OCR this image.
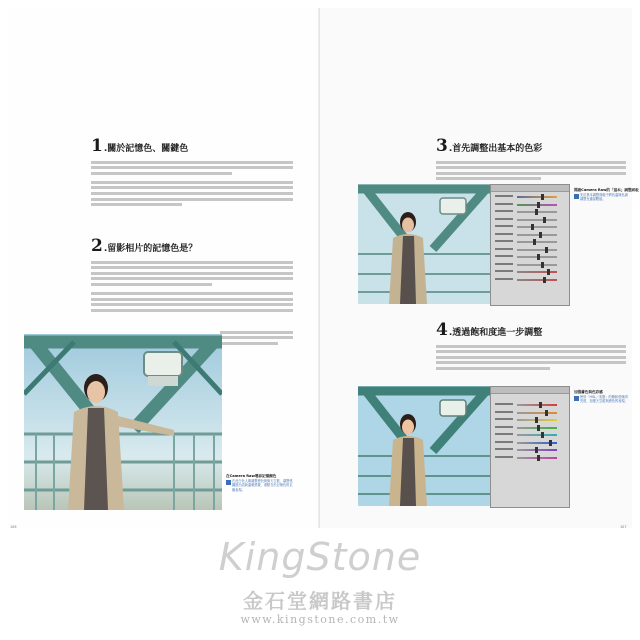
1.關於記憶色、關鍵色
2.留影相片的記憶色是？
在Camera Raw增添記憶顏色
在此白色人像調整膚色與與天空藍，讓整張圖透出清新溫暖感覺，重點在於記憶色的正確表現。
106
3.首先調整出基本的色彩
開啟Camera Raw的「基本」調整面板
先於基本調整面板中將色溫與色調調整至適當數值。
4.透過飽和度進一步調整
加強膚色與色彩感
使用「HSL／灰階」的飽和度與明亮度，加強天空藍與膚色的表現。
107
KingStone
金石堂網路書店
www.kingstone.com.tw
